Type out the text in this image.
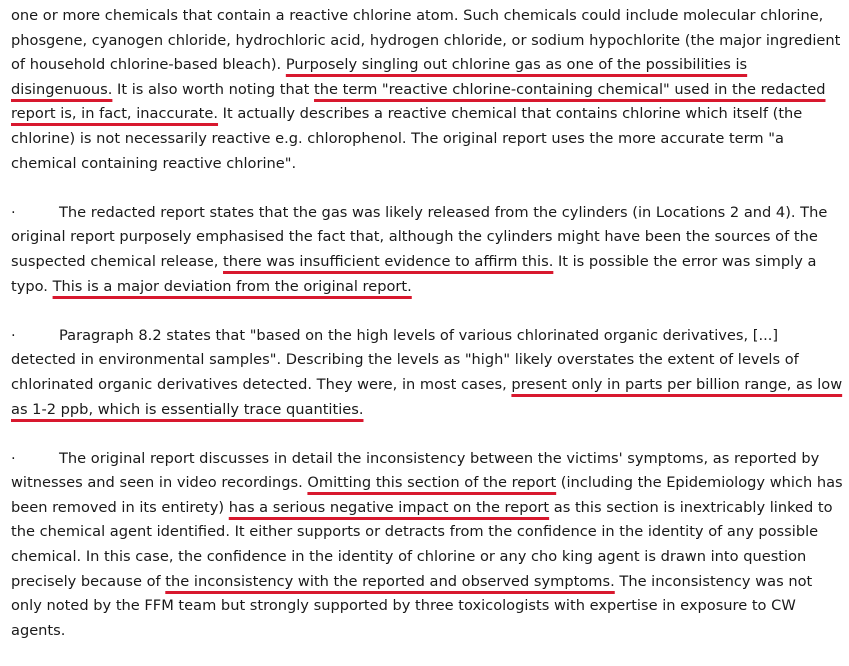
one or more chemicals that contain a reactive chlorine atom. Such chemicals could include molecular chlorine, phosgene, cyanogen chloride, hydrochloric acid, hydrogen chloride, or sodium hypochlorite (the major ingredient of household chlorine-based bleach). Purposely singling out chlorine gas as one of the possibilities is disingenuous. It is also worth noting that the term "reactive chlorine-containing chemical" used in the redacted report is, in fact, inaccurate. It actually describes a reactive chemical that contains chlorine which itself (the chlorine) is not necessarily reactive e.g. chlorophenol. The original report uses the more accurate term "a chemical containing reactive chlorine".

·	The redacted report states that the gas was likely released from the cylinders (in Locations 2 and 4). The original report purposely emphasised the fact that, although the cylinders might have been the sources of the suspected chemical release, there was insufficient evidence to affirm this. It is possible the error was simply a typo. This is a major deviation from the original report.

·	Paragraph 8.2 states that "based on the high levels of various chlorinated organic derivatives, [...] detected in environmental samples". Describing the levels as "high" likely overstates the extent of levels of chlorinated organic derivatives detected. They were, in most cases, present only in parts per billion range, as low as 1-2 ppb, which is essentially trace quantities.

·	The original report discusses in detail the inconsistency between the victims' symptoms, as reported by witnesses and seen in video recordings. Omitting this section of the report (including the Epidemiology which has been removed in its entirety) has a serious negative impact on the report as this section is inextricably linked to the chemical agent identified. It either supports or detracts from the confidence in the identity of any possible chemical. In this case, the confidence in the identity of chlorine or any cho king agent is drawn into question precisely because of the inconsistency with the reported and observed symptoms. The inconsistency was not only noted by the FFM team but strongly supported by three toxicologists with expertise in exposure to CW agents.
